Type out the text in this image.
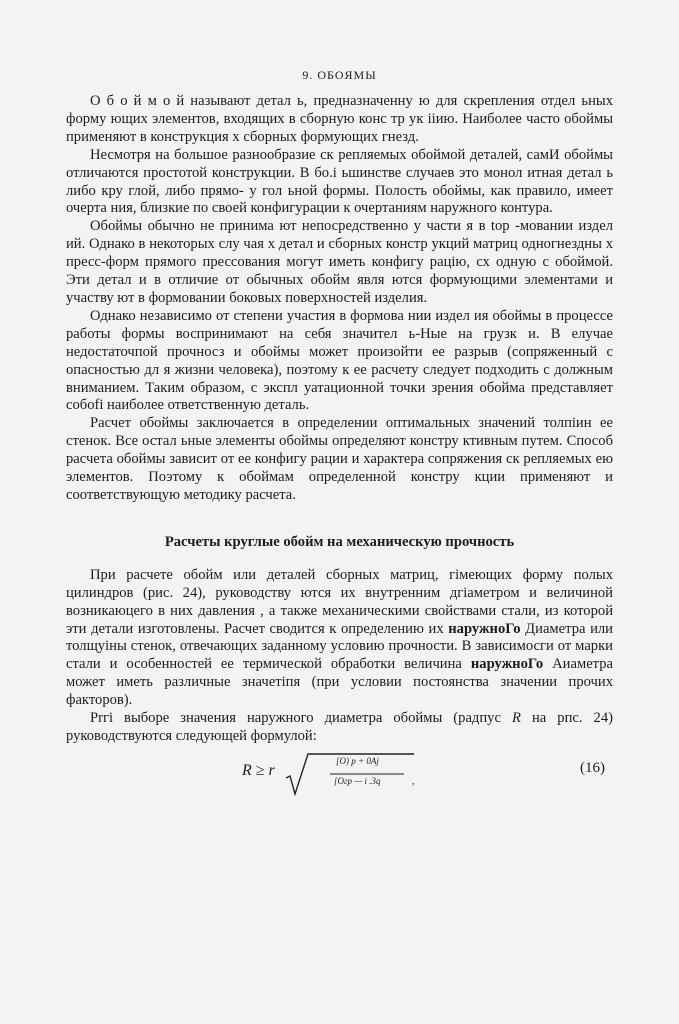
9. OБOЯМЫ

О б о й м о й называют детал ь, предназначенну ю для скрепления отдел ьных форму ющих элементов, входящих в сборную конс тр ук ііию. Наиболее часто обоймы применяют в конструкция х сборных формующих гнезд.

Несмотря на большое разнообразие ск репляемых обоймой деталей, самИ обоймы отличаются простотой конструкции. В бо.і ьшинстве случаев это монол итная детал ь либо кру глой, либо прямо- у гол ьной формы. Полость обоймы, как правило, имеет очерта ния, близкие по своей конфигурации к очертаниям наружного контура.

Обоймы обычно не принима ют непосредственно у части я в tор -мовании издел ий. Однако в некоторых слу чая х детал и сборных констр укций матриц одногнездны х пресс-форм прямого прессования могут иметь конфигу рацію, сх одную с обоймой. Эти детал и в отличие от обычных обойм явля ются формующими элементами и участву ют в формовании боковых поверхностей изделия.

Однако независимо от степени участия в формова нии издел ия обоймы в процессе работы формы воспринимают на себя значител ь-Ные на грузк и. В елучае недостаточпой прочносз и обоймы может произойти ее разрыв (сопряженный с опасностью дл я жизни человека), поэтому к ее расчету следует подходить с должным вниманием. Таким образом, с экспл уатационной точки зрения обойма представляет собоfi наиболее ответственную деталь.

Расчет обоймы заключается в определении оптимальных значений толпіин ее стенок. Все остал ьные элементы обоймы определяют констру ктивным путем. Способ расчета обоймы зависит от ее конфигу рации и характера сопряжения ск репляемых ею элементов. Поэтому к обоймам определенной констру кции применяют и соответствующую методику расчета.

Расчеты круглые обойм на механическую прочность

При расчете обойм или деталей сборных матриц, гімеющих форму полых цилиндров (рис. 24), руководству ются их внутренним дгіаметром и величиной возникаюцего в них давления , а также механическими свойствами стали, из которой эти детали изготовлены. Расчет сводится к определению их наружноГо Диаметра или толщуіны стенок, отвечающих заданному условию прочности. В зависимосги от марки стали и особенностей ее термической обработки величина наружноГо Аиаметра может иметь различные значетіпя (при условии постоянства значении прочих факторов).

Prгі выборе значения наружного диаметра обоймы (радпус R на рпс. 24) руководствуются следующей формулой:

R ≥ r
[O) p + 0Aj
[Oгр — i .3q	,
(16)
